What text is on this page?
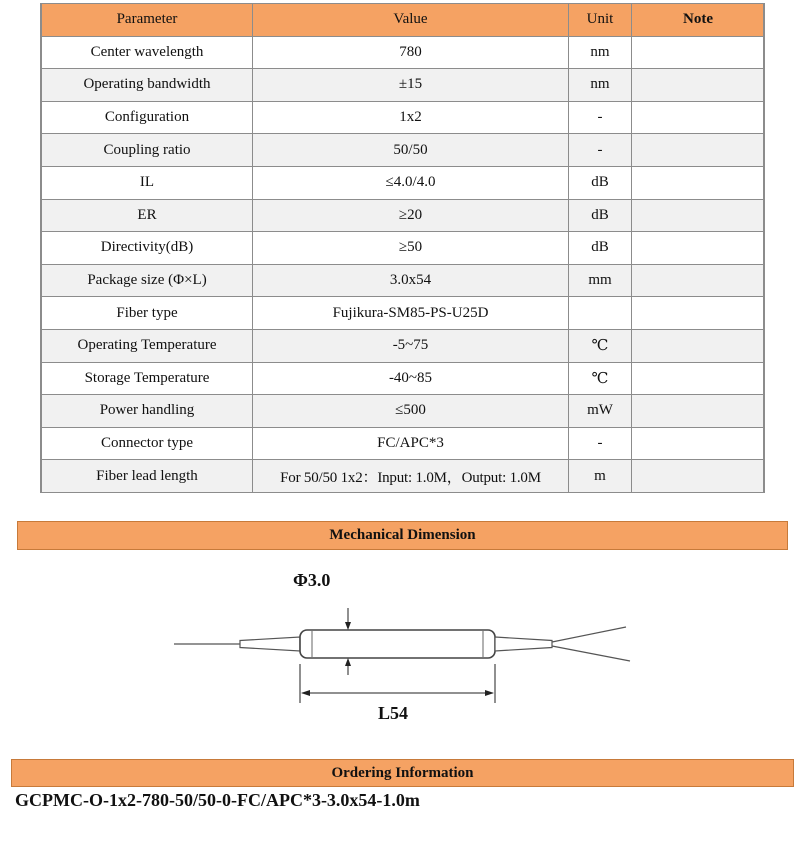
Parameter	Value	Unit	Note
Center wavelength	780	nm	
Operating bandwidth	±15	nm	
Configuration	1x2	-	
Coupling ratio	50/50	-	
IL	≤4.0/4.0	dB	
ER	≥20	dB	
Directivity(dB)	≥50	dB	
Package size (Φ×L)	3.0x54	mm	
Fiber type	Fujikura-SM85-PS-U25D		
Operating Temperature	-5~75	℃	
Storage Temperature	-40~85	℃	
Power handling	≤500	mW	
Connector type	FC/APC*3	-	
Fiber lead length	For 50/50 1x2：Input: 1.0M，Output: 1.0M	m	
Mechanical Dimension
Φ3.0
L54
Ordering Information
GCPMC-O-1x2-780-50/50-0-FC/APC*3-3.0x54-1.0m
